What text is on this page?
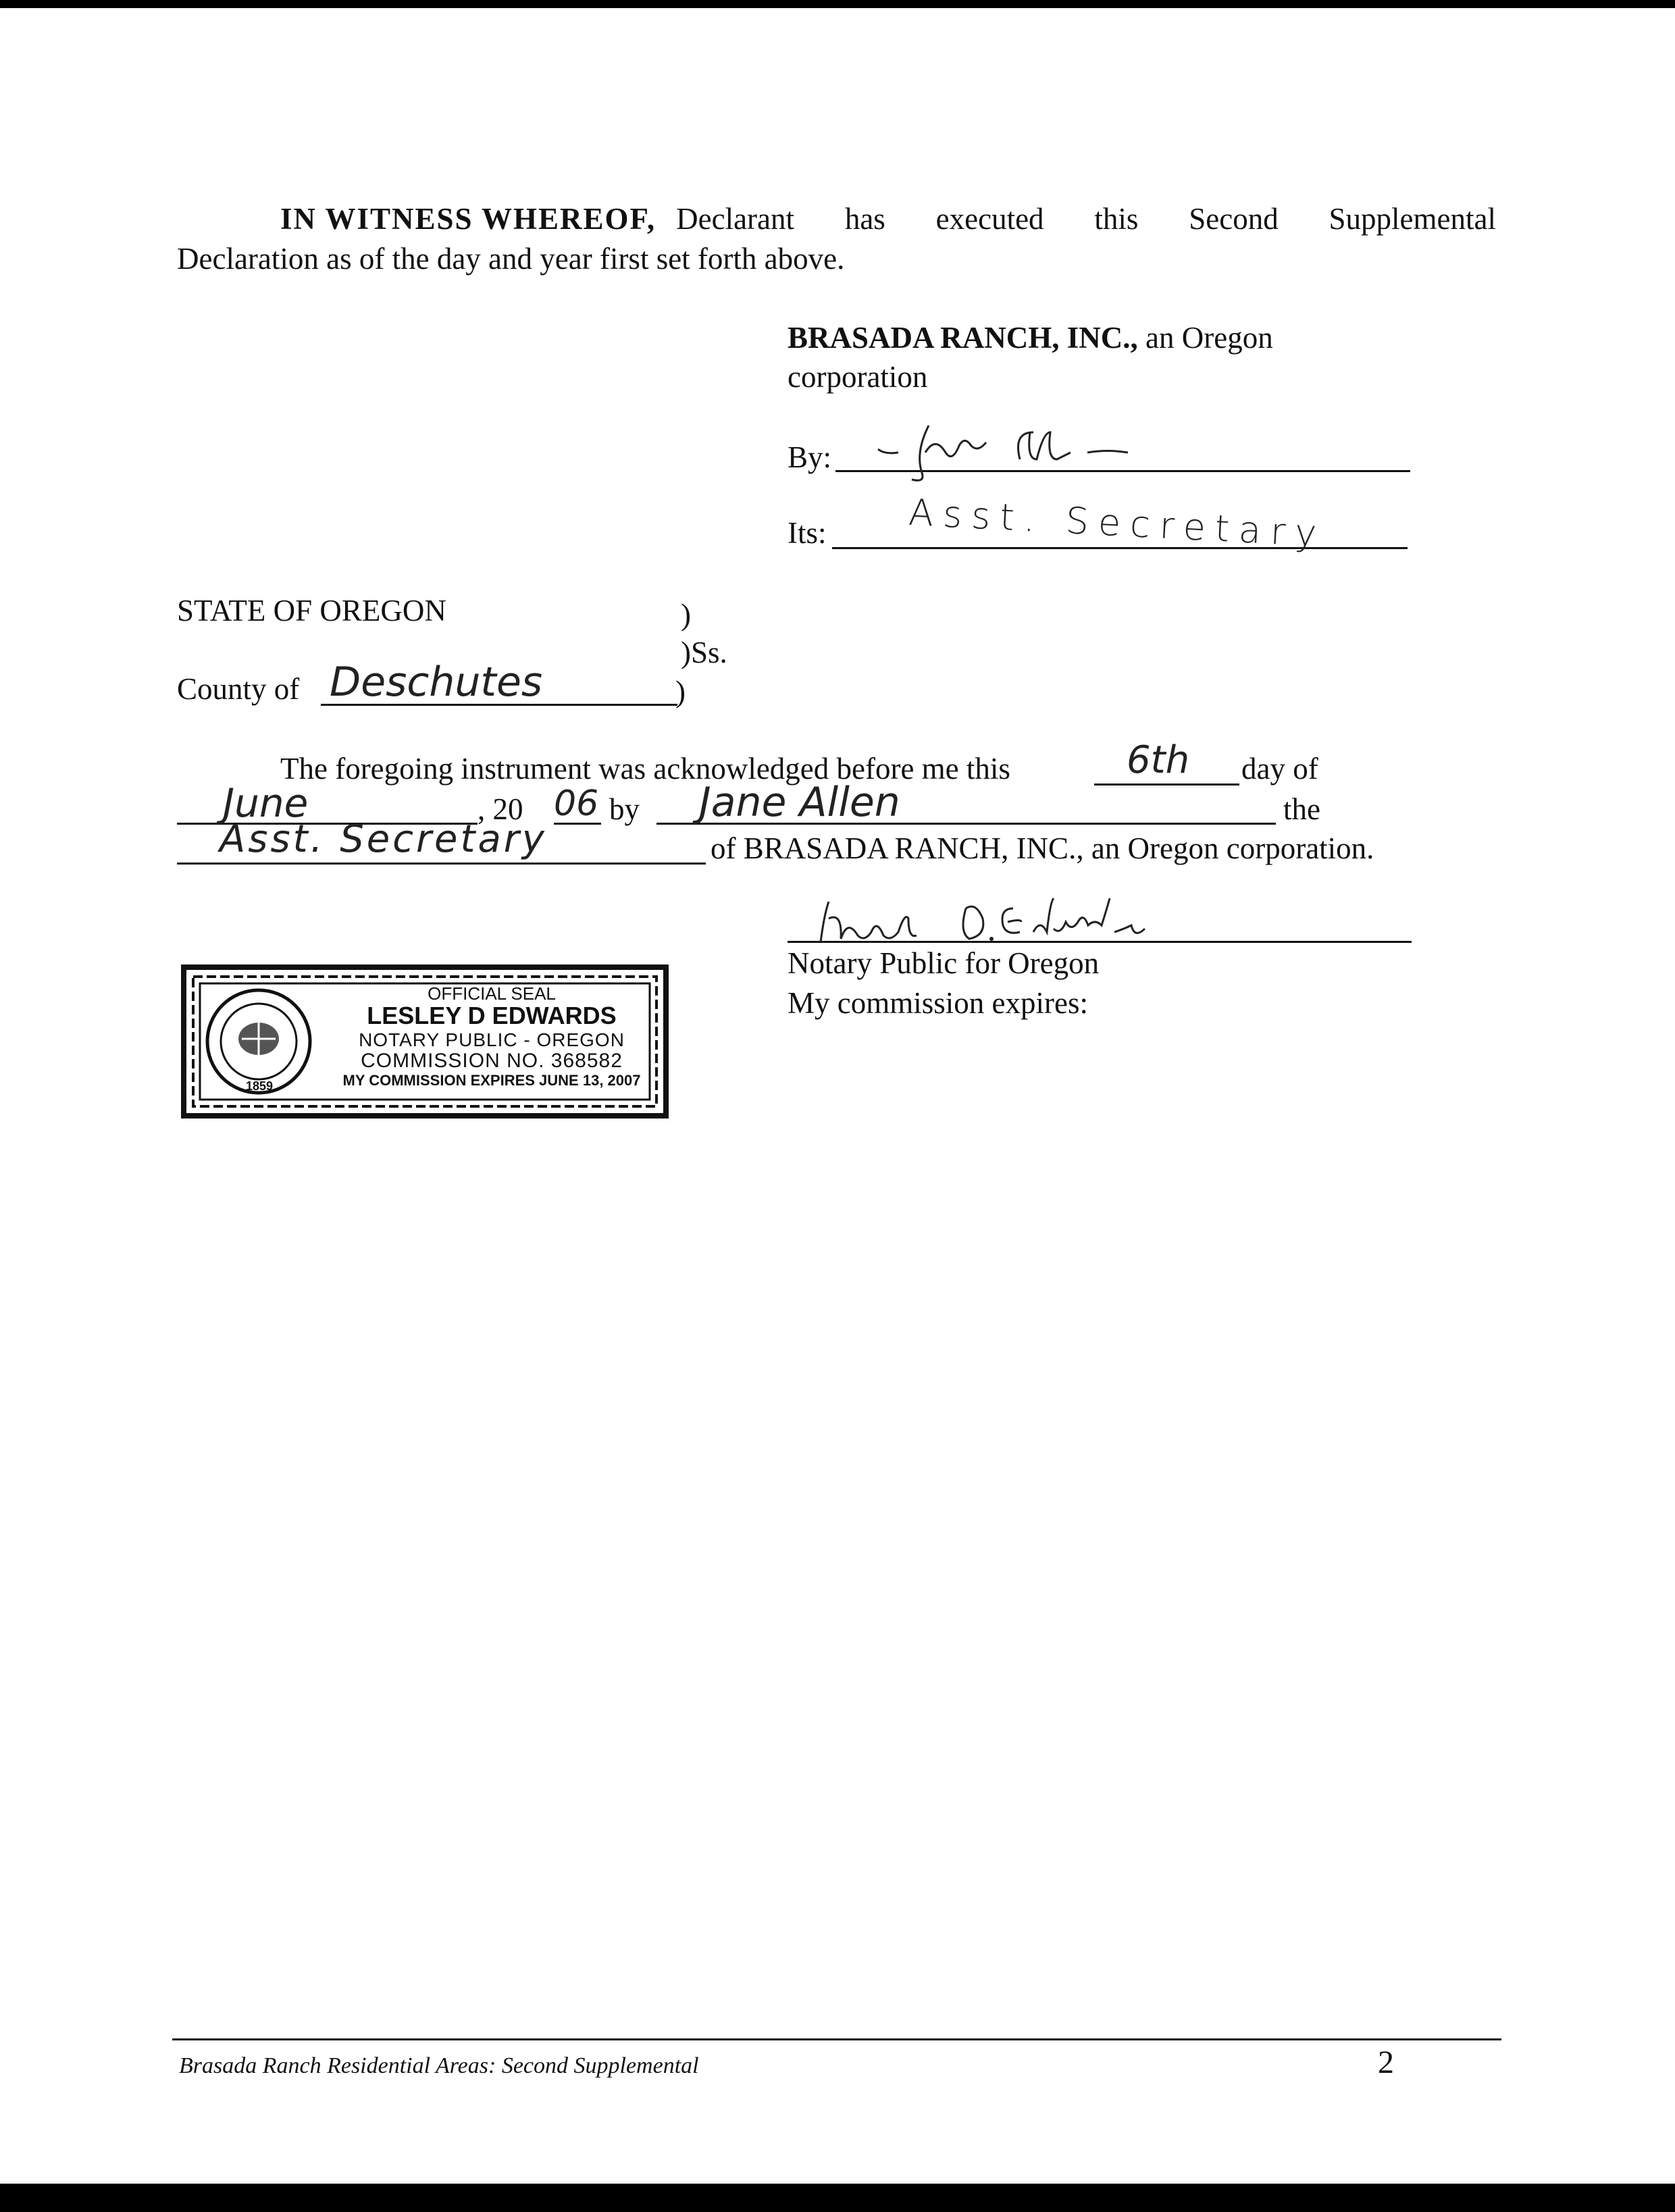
IN WITNESS WHEREOF, Declarant has executed this Second Supplemental
Declaration as of the day and year first set forth above.
BRASADA RANCH, INC., an Oregon
corporation
By:
Its: Asst. Secretary
STATE OF OREGON	)
)Ss.
County of Deschutes	)
The foregoing instrument was acknowledged before me this	6th day of
June	, 20 06 by Jane Allen	the
Asst. Secretary	of BRASADA RANCH, INC., an Oregon corporation.
Notary Public for Oregon
My commission expires:
1859
OFFICIAL SEAL
LESLEY D EDWARDS
NOTARY PUBLIC - OREGON
COMMISSION NO. 368582
MY COMMISSION EXPIRES JUNE 13, 2007
Brasada Ranch Residential Areas: Second Supplemental	2
